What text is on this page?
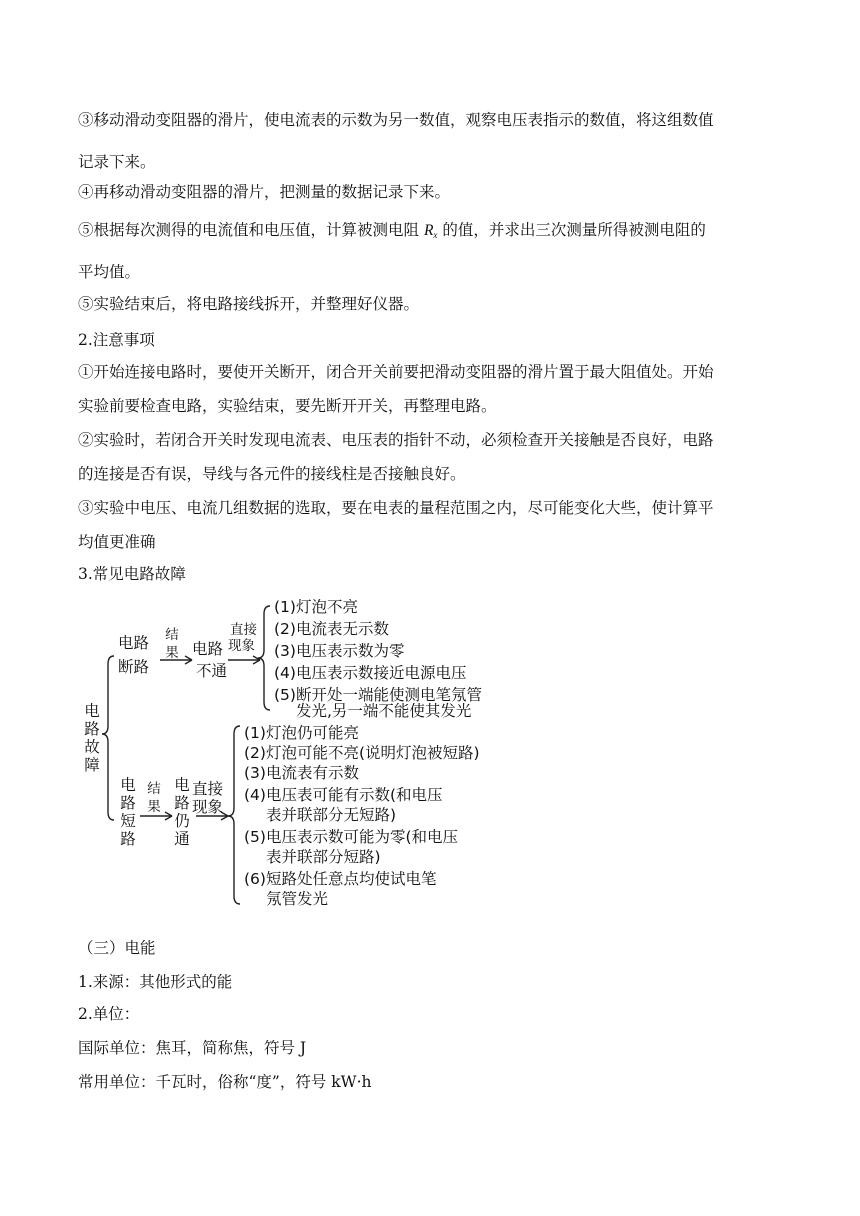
③移动滑动变阻器的滑片，使电流表的示数为另一数值，观察电压表指示的数值，将这组数值
记录下来。
④再移动滑动变阻器的滑片，把测量的数据记录下来。
⑤根据每次测得的电流值和电压值，计算被测电阻 $R_x$ 的值，并求出三次测量所得被测电阻的
平均值。
⑤实验结束后，将电路接线拆开，并整理好仪器。
2.注意事项
①开始连接电路时，要使开关断开，闭合开关前要把滑动变阻器的滑片置于最大阻值处。开始
实验前要检查电路，实验结束，要先断开开关，再整理电路。
②实验时，若闭合开关时发现电流表、电压表的指针不动，必须检查开关接触是否良好，电路
的连接是否有误，导线与各元件的接线柱是否接触良好。
③实验中电压、电流几组数据的选取，要在电表的量程范围之内，尽可能变化大些，使计算平
均值更准确
3.常见电路故障
电路故障
电路
断路
结果 电路
不通
直接
现象
(1)灯泡不亮
(2)电流表无示数
(3)电压表示数为零
(4)电压表示数接近电源电压
(5)断开处一端能使测电笔氖管
发光,另一端不能使其发光
电路短路
结果
电路仍通
直接
现象
(1)灯泡仍可能亮
(2)灯泡可能不亮(说明灯泡被短路)
(3)电流表有示数
(4)电压表可能有示数(和电压
表并联部分无短路)
(5)电压表示数可能为零(和电压
表并联部分短路)
(6)短路处任意点均使试电笔
氖管发光
（三）电能
1.来源：其他形式的能
2.单位：
国际单位：焦耳，简称焦，符号 J
常用单位：千瓦时，俗称“度”，符号 kW·h
